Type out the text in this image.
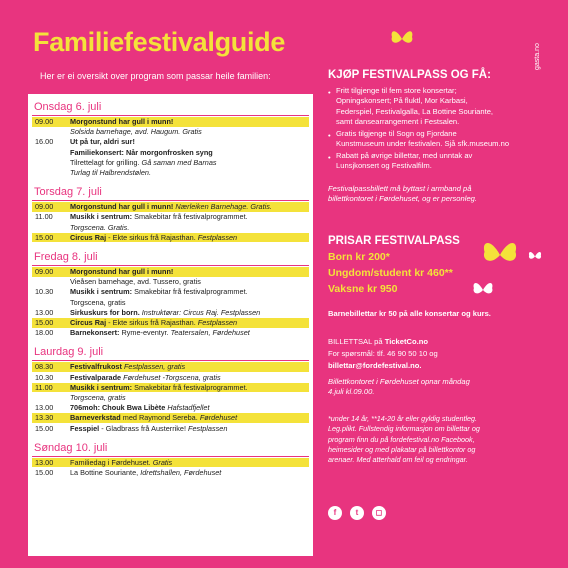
Familiefestivalguide
Her er ei oversikt over program som passar heile familien:
gasta.no
Onsdag 6. juli
09.00	Morgonstund har gull i munn!
Solsida barnehage, avd. Haugum. Gratis
16.00	Ut på tur, aldri sur!
Familiekonsert: Når morgonfrosken syng
Tilrettelagt for grilling. Gå saman med Barnas
Turlag til Halbrendstølen.
Torsdag 7. juli
09.00	Morgonstund har gull i munn! Nærleiken Barnehage. Gratis.
11.00	Musikk i sentrum: Smakebitar frå festivalprogrammet.
Torgscena. Gratis.
15.00	Circus Raj - Ekte sirkus frå Rajasthan. Festplassen
Fredag 8. juli
09.00	Morgonstund har gull i munn!
Vieåsen barnehage, avd. Tussero, gratis
10.30	Musikk i sentrum: Smakebitar frå festivalprogrammet.
Torgscena, gratis
13.00	Sirkuskurs for born. Instruktørar: Circus Raj. Festplassen
15.00	Circus Raj - Ekte sirkus frå Rajasthan. Festplassen
18.00	Barnekonsert: Ryme-eventyr. Teatersalen, Førdehuset
Laurdag 9. juli
08.30	Festivalfrukost Festplassen, gratis
10.30	Festivalparade Førdehuset -Torgscena, gratis
11.00	Musikk i sentrum: Smakebitar frå festivalprogrammet.
Torgscena, gratis
13.00	706moh: Chouk Bwa Libète Hafstadfjellet
13.30	Barneverkstad med Raymond Sereba. Førdehuset
15.00	Fesspiel - Gladbrass frå Austerrike! Festplassen
Søndag 10. juli
13.00	Familiedag i Førdehuset. Gratis
15.00	La Bottine Souriante, Idrettshallen, Førdehuset
KJØP FESTIVALPASS OG FÅ:
• Fritt tilgjenge til fem store konsertar;
Opningskonsert; På fluktl, Mor Karbasi,
Federspiel, Festivalgalla, La Bottine Souriante,
samt dansearrangement i Festsalen.
• Gratis tilgjenge til Sogn og Fjordane
Kunstmuseum under festivalen. Sjå sfk.museum.no
• Rabatt på øvrige billettar, med unntak av
Lunsjkonsert og Festivalfilm.
Festivalpassbillett må byttast i armband på
billettkontoret i Førdehuset, og er personleg.
PRISAR FESTIVALPASS
Born kr 200*
Ungdom/student kr 460**
Vaksne kr 950
Barnebillettar kr 50 på alle konsertar og kurs.
BILLETTSAL på TicketCo.no
For spørsmål: tlf. 46 90 50 10 og
billettar@fordefestival.no.
Billettkontoret i Førdehuset opnar måndag
4.juli kl.09.00.
*under 14 år, **14-20 år eller gyldig studentleg.
Leg.plikt. Fullstendig informasjon om billettar og
program finn du på fordefestival.no Facebook,
heimesider og med plakatar på billettkontor og
arenaer. Med atterhald om feil og endringar.
f	t	◻
